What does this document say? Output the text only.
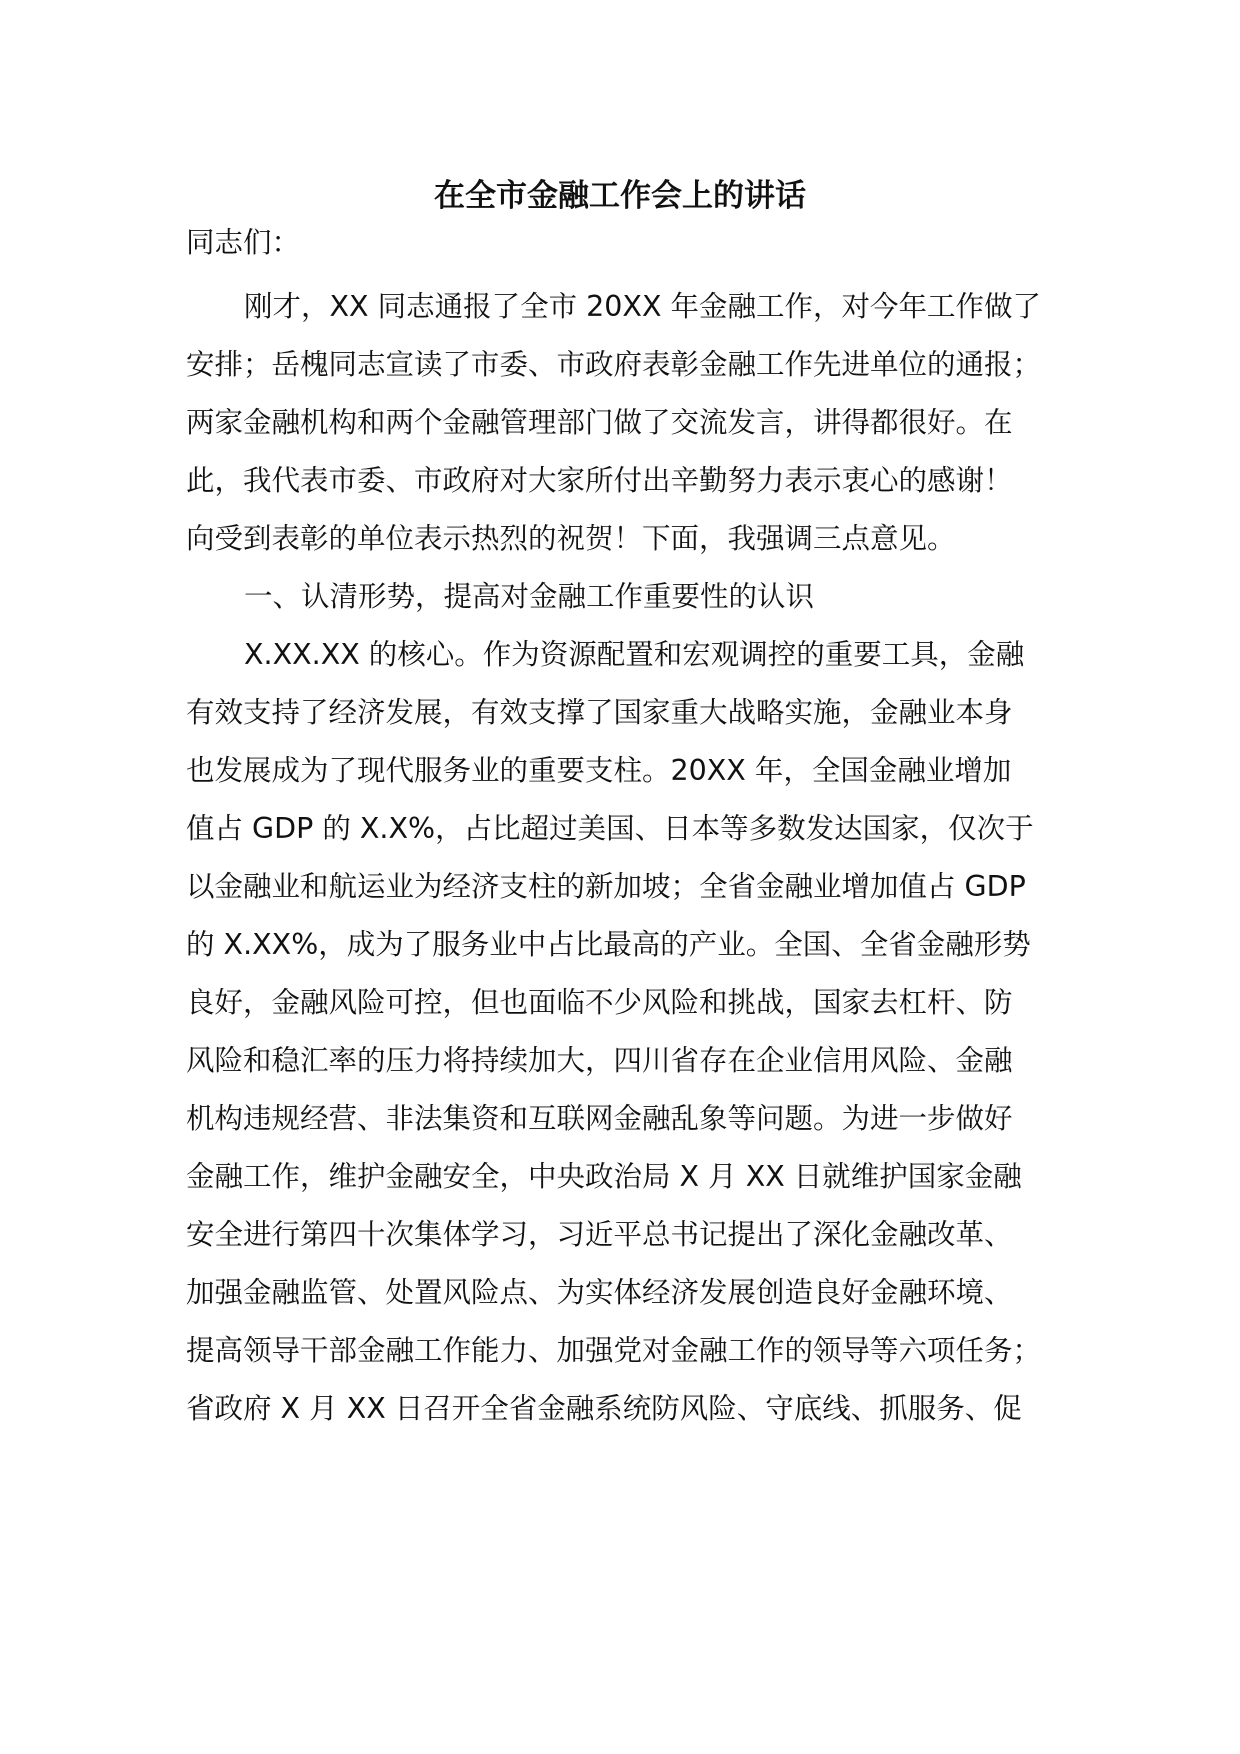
在全市金融工作会上的讲话
同志们：
刚才，XX 同志通报了全市 20XX 年金融工作，对今年工作做了
安排；岳槐同志宣读了市委、市政府表彰金融工作先进单位的通报；
两家金融机构和两个金融管理部门做了交流发言，讲得都很好。在
此，我代表市委、市政府对大家所付出辛勤努力表示衷心的感谢！
向受到表彰的单位表示热烈的祝贺！下面，我强调三点意见。
一、认清形势，提高对金融工作重要性的认识
X.XX.XX 的核心。作为资源配置和宏观调控的重要工具，金融
有效支持了经济发展，有效支撑了国家重大战略实施，金融业本身
也发展成为了现代服务业的重要支柱。20XX 年，全国金融业增加
值占 GDP 的 X.X%，占比超过美国、日本等多数发达国家，仅次于
以金融业和航运业为经济支柱的新加坡；全省金融业增加值占 GDP
的 X.XX%，成为了服务业中占比最高的产业。全国、全省金融形势
良好，金融风险可控，但也面临不少风险和挑战，国家去杠杆、防
风险和稳汇率的压力将持续加大，四川省存在企业信用风险、金融
机构违规经营、非法集资和互联网金融乱象等问题。为进一步做好
金融工作，维护金融安全，中央政治局 X 月 XX 日就维护国家金融
安全进行第四十次集体学习，习近平总书记提出了深化金融改革、
加强金融监管、处置风险点、为实体经济发展创造良好金融环境、
提高领导干部金融工作能力、加强党对金融工作的领导等六项任务；
省政府 X 月 XX 日召开全省金融系统防风险、守底线、抓服务、促
